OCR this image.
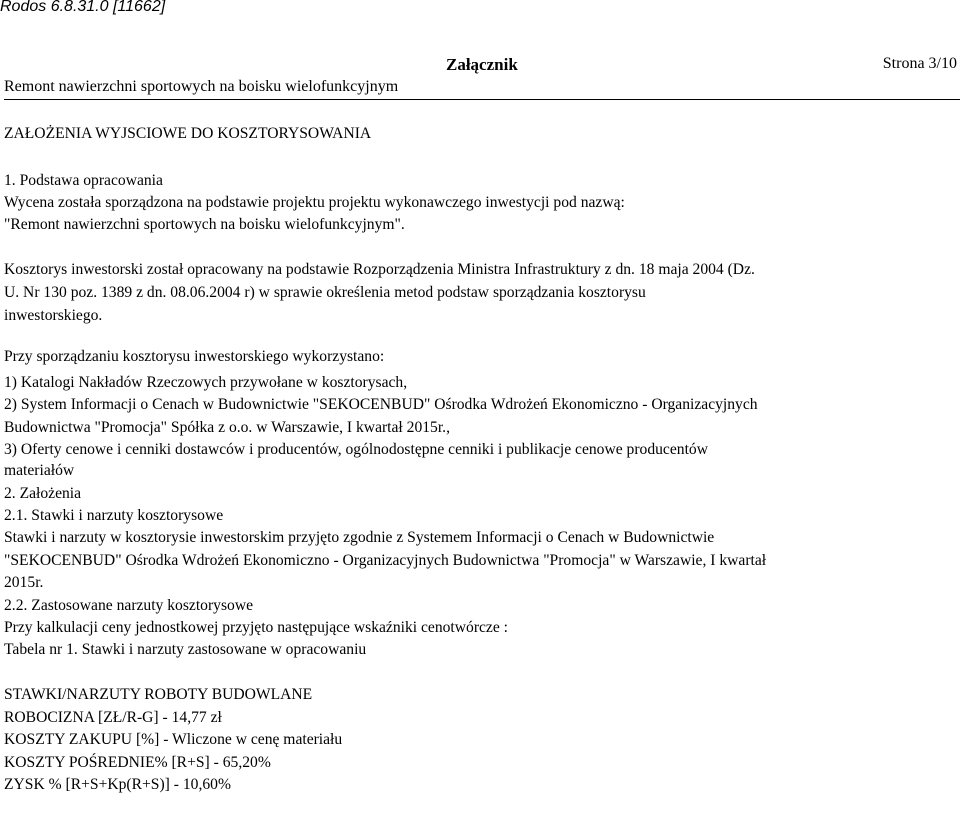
Rodos 6.8.31.0 [11662]
Załącznik	Strona 3/10
Remont nawierzchni sportowych na boisku wielofunkcyjnym
ZAŁOŻENIA WYJSCIOWE DO KOSZTORYSOWANIA
1. Podstawa opracowania
Wycena została sporządzona na podstawie projektu projektu wykonawczego inwestycji pod nazwą:
"Remont nawierzchni sportowych na boisku wielofunkcyjnym".
Kosztorys inwestorski został opracowany na podstawie Rozporządzenia Ministra Infrastruktury z dn. 18 maja 2004 (Dz.
U. Nr 130 poz. 1389 z dn. 08.06.2004 r) w sprawie określenia metod podstaw sporządzania kosztorysu
inwestorskiego.
Przy sporządzaniu kosztorysu inwestorskiego wykorzystano:
1) Katalogi Nakładów Rzeczowych przywołane w kosztorysach,
2) System Informacji o Cenach w Budownictwie "SEKOCENBUD" Ośrodka Wdrożeń Ekonomiczno - Organizacyjnych
Budownictwa "Promocja" Spółka z o.o. w Warszawie, I kwartał 2015r.,
3) Oferty cenowe i cenniki dostawców i producentów, ogólnodostępne cenniki i publikacje cenowe producentów
materiałów
2. Założenia
2.1. Stawki i narzuty kosztorysowe
Stawki i narzuty w kosztorysie inwestorskim przyjęto zgodnie z Systemem Informacji o Cenach w Budownictwie
"SEKOCENBUD" Ośrodka Wdrożeń Ekonomiczno - Organizacyjnych Budownictwa "Promocja" w Warszawie, I kwartał
2015r.
2.2. Zastosowane narzuty kosztorysowe
Przy kalkulacji ceny jednostkowej przyjęto następujące wskaźniki cenotwórcze :
Tabela nr 1. Stawki i narzuty zastosowane w opracowaniu
STAWKI/NARZUTY ROBOTY BUDOWLANE
ROBOCIZNA [ZŁ/R-G] - 14,77 zł
KOSZTY ZAKUPU [%] - Wliczone w cenę materiału
KOSZTY POŚREDNIE% [R+S] - 65,20%
ZYSK % [R+S+Kp(R+S)] - 10,60%
